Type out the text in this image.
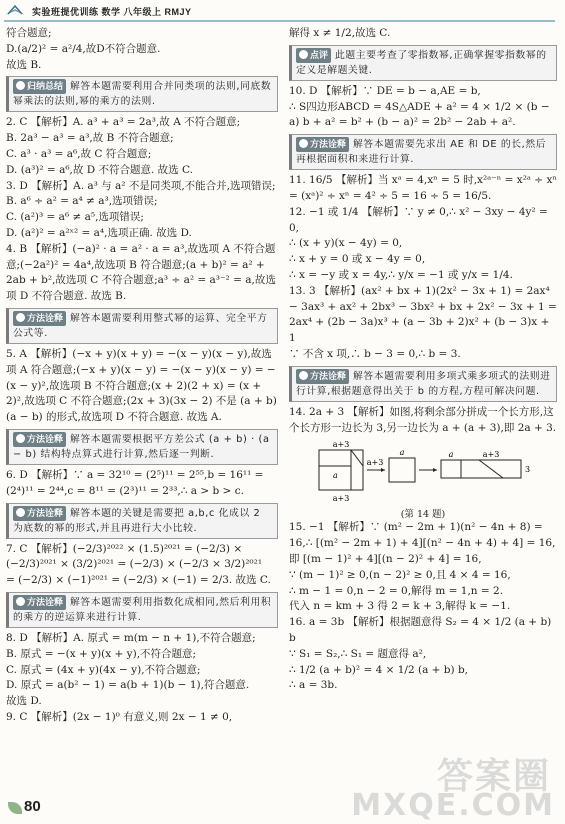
实验班提优训练 数学 八年级上 RMJY

符合题意;

D.(a/2)² = a²/4,故D不符合题意.

故选 B.

归纳总结 解答本题需要利用合并同类项的法则,同底数幂乘法的法则,幂的乘方的法则.

2. C 【解析】A. a³ + a³ = 2a³,故 A 不符合题意;

B. 2a³ − a³ = a³,故 B 不符合题意;

C. a³ · a³ = a⁶,故 C 符合题意;

D. (a³)² = a⁶,故 D 不符合题意. 故选 C.

3. D 【解析】A. a³ 与 a² 不是同类项,不能合并,选项错误;

B. a⁶ ÷ a² = a⁴ ≠ a³,选项错误;

C. (a²)³ = a⁶ ≠ a⁵,选项错误;

D. (a²)² = a²ˣ² = a⁴,选项正确. 故选 D.

4. B 【解析】(−a)² · a = a² · a = a³,故选项 A 不符合题意;(−2a²)² = 4a⁴,故选项 B 符合题意;(a + b)² = a² + 2ab + b²,故选项 C 不符合题意;a³ ÷ a² = a³⁻² = a,故选项 D 不符合题意. 故选 B.

方法诠释 解答本题需要利用整式幂的运算、完全平方公式等.

5. A 【解析】(−x + y)(x + y) = −(x − y)(x − y),故选项 A 符合题意;(−x + y)(x − y) = −(x − y)(x − y) = −(x − y)²,故选项 B 不符合题意;(x + 2)(2 + x) = (x + 2)²,故选项 C 不符合题意;(2x + 3)(3x − 2) 不是 (a + b)(a − b) 的形式,故选项 D 不符合题意. 故选 A.

方法诠释 解答本题需要根据平方差公式 (a + b) · (a − b) 结构特点算式进行计算,然后逐一判断.

6. D 【解析】∵ a = 32¹⁰ = (2⁵)¹¹ = 2⁵⁵,b = 16¹¹ = (2⁴)¹¹ = 2⁴⁴,c = 8¹¹ = (2³)¹¹ = 2³³,∴ a > b > c.

方法诠释 解答本题的关键是需要把 a,b,c 化成以 2 为底数的幂的形式,并且再进行大小比较.

7. C 【解析】(−2/3)²⁰²² × (1.5)²⁰²¹ = (−2/3) × (−2/3)²⁰²¹ × (3/2)²⁰²¹ = (−2/3) × (−2/3 × 3/2)²⁰²¹

= (−2/3) × (−1)²⁰²¹ = (−2/3) × (−1) = 2/3. 故选 C.

方法诠释 解答本题需要利用指数化成相同,然后利用积的乘方的逆运算来进行计算.

8. D 【解析】A. 原式 = m(m − n + 1),不符合题意;

B. 原式 = −(x + y)(x + y),不符合题意;

C. 原式 = (4x + y)(4x − y),不符合题意;

D. 原式 = a(b² − 1) = a(b + 1)(b − 1),符合题意.

故选 D.

9. C 【解析】(2x − 1)⁰ 有意义,则 2x − 1 ≠ 0,

解得 x ≠ 1/2,故选 C.

点评 此题主要考查了零指数幂,正确掌握零指数幂的定义是解题关键.

10. D 【解析】∵ DE = b − a,AE = b,

∴ S四边形ABCD = 4S△ADE + a² = 4 × 1/2 × (b − a) b + a² = b² + (b − a)² = 2b² − 2ab + a².

方法诠释 解答本题需要先求出 AE 和 DE 的长,然后再根据面积和来进行计算.

11. 16/5 【解析】当 xᵃ = 4,xⁿ = 5 时,x²ᵃ⁻ⁿ = x²ᵃ ÷ xⁿ = (xᵃ)² ÷ xⁿ = 4² ÷ 5 = 16 ÷ 5 = 16/5.

12. −1 或 1/4 【解析】∵ y ≠ 0,∴ x² − 3xy − 4y² = 0,

∴ (x + y)(x − 4y) = 0,

∴ x + y = 0 或 x − 4y = 0,

∴ x = −y 或 x = 4y,∴ y/x = −1 或 y/x = 1/4.

13. 3 【解析】(ax² + bx + 1)(2x² − 3x + 1) = 2ax⁴ − 3ax³ + ax² + 2bx³ − 3bx² + bx + 2x² − 3x + 1 = 2ax⁴ + (2b − 3a)x³ + (a − 3b + 2)x² + (b − 3)x + 1

∵ 不含 x 项,∴ b − 3 = 0,∴ b = 3.

方法诠释 解答本题需要利用多项式乘多项式的法则进行计算,根据题意得出关于 b 的方程,方程可解决问题.

14. 2a + 3 【解析】如图,将剩余部分拼成一个长方形,这个长方形一边长为 3,另一边长为 a + (a + 3),即 2a + 3.

a+3
a
a+3
a+3
a	a	a+3
3

(第 14 题)

15. −1 【解析】∵ (m² − 2m + 1)(n² − 4n + 8) = 16,∴ [(m² − 2m + 1) + 4][(n² − 4n + 4) + 4] = 16,即 [(m − 1)² + 4][(n − 2)² + 4] = 16,

∵ (m − 1)² ≥ 0,(n − 2)² ≥ 0,且 4 × 4 = 16,

∴ m − 1 = 0,n − 2 = 0,解得 m = 1,n = 2.

代入 n = km + 3 得 2 = k + 3,解得 k = −1.

16. a = 3b 【解析】根据题意得 S₂ = 4 × 1/2 (a + b) b

∵ S₁ = S₂,∴ S₁ = 题意得 a²,

∴ 1/2 (a + b)² = 4 × 1/2 (a + b) b,

∴ a = 3b.

80
答案圈
MXQE.COM
